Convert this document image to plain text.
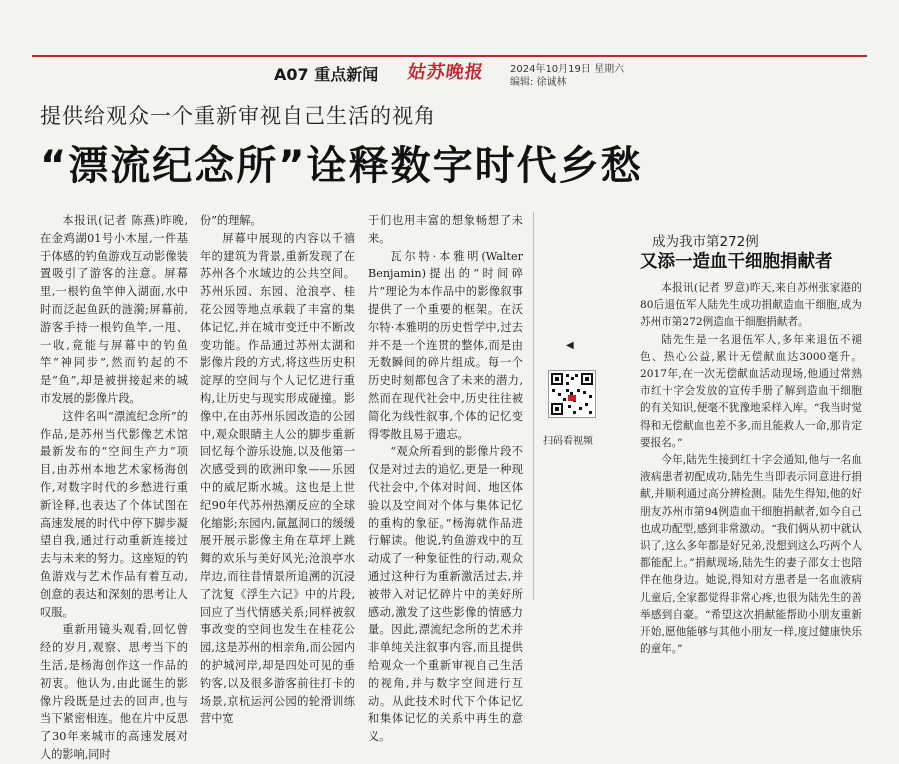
A07 重点新闻 姑苏晚报 2024年10月19日 星期六
编辑: 徐诚林
提供给观众一个重新审视自己生活的视角
“漂流纪念所”诠释数字时代乡愁

本报讯(记者 陈燕)昨晚,在金鸡湖01号小木屋,一件基于体感的钓鱼游戏互动影像装置吸引了游客的注意。屏幕里,一根钓鱼竿伸入湖面,水中时而泛起鱼跃的涟漪;屏幕前,游客手持一根钓鱼竿,一甩、一收,竟能与屏幕中的钓鱼竿“神同步”,然而钓起的不是“鱼”,却是被拼接起来的城市发展的影像片段。

这件名叫“漂流纪念所”的作品,是苏州当代影像艺术馆最新发布的“空间生产力”项目,由苏州本地艺术家杨海创作,对数字时代的乡愁进行重新诠释,也表达了个体试图在高速发展的时代中停下脚步凝望自我,通过行动重新连接过去与未来的努力。这座短的钓鱼游戏与艺术作品有着互动,创意的表达和深刻的思考让人叹服。

重新用镜头观看,回忆曾经的岁月,观察、思考当下的生活,是杨海创作这一作品的初衷。他认为,由此诞生的影像片段既是过去的回声,也与当下紧密相连。他在片中反思了30年来城市的高速发展对人的影响,同时

份”的理解。

屏幕中展现的内容以千禧年的建筑为背景,重新发现了在苏州各个水域边的公共空间。苏州乐园、东园、沧浪亭、桂花公园等地点承载了丰富的集体记忆,并在城市变迁中不断改变功能。作品通过苏州太湖和影像片段的方式,将这些历史积淀厚的空间与个人记忆进行重构,让历史与现实形成碰撞。影像中,在由苏州乐园改造的公园中,观众眼睛主人公的脚步重新回忆每个游乐设施,以及他第一次感受到的欧洲印象——乐园中的威尼斯水城。这也是上世纪90年代苏州热潮反应的全球化缩影;东园内,氤氲洞口的缓缓展开展示影像主角在草坪上跳舞的欢乐与美好风光;沧浪亭水岸边,而往昔情景所追溯的沉浸了沈复《浮生六记》中的片段,回应了当代情感关系;同样被叙事改变的空间也发生在桂花公园,这是苏州的相亲角,而公园内的护城河岸,却是四处可见的垂钓客,以及很多游客前往打卡的场景,京杭运河公园的轮滑训练营中宽

于们也用丰富的想象畅想了未来。

瓦尔特·本雅明(Walter Benjamin)提出的“时间碎片”理论为本作品中的影像叙事提供了一个重要的框架。在沃尔特·本雅明的历史哲学中,过去并不是一个连贯的整体,而是由无数瞬间的碎片组成。每一个历史时刻都包含了未来的潜力,然而在现代社会中,历史往往被简化为线性叙事,个体的记忆变得零散且易于遗忘。

“观众所看到的影像片段不仅是对过去的追忆,更是一种现代社会中,个体对时间、地区体验以及空间对个体与集体记忆的重构的象征。”杨海就作品进行解读。他说,钓鱼游戏中的互动成了一种象征性的行动,观众通过这种行为重新激活过去,并被带入对记忆碎片中的美好所感动,激发了这些影像的情感力量。因此,漂流纪念所的艺术并非单纯关注叙事内容,而且提供给观众一个重新审视自己生活的视角,并与数字空间进行互动。从此技术时代下个体记忆和集体记忆的关系中再生的意义。

◀
扫码看视频
成为我市第272例
又添一造血干细胞捐献者

本报讯(记者 罗意)昨天,来自苏州张家港的80后退伍军人陆先生成功捐献造血干细胞,成为苏州市第272例造血干细胞捐献者。

陆先生是一名退伍军人,多年来退伍不褪色、热心公益,累计无偿献血达3000毫升。2017年,在一次无偿献血活动现场,他通过常熟市红十字会发放的宣传手册了解到造血干细胞的有关知识,便毫不犹豫地采样入库。“我当时觉得和无偿献血也差不多,而且能救人一命,那肯定要报名。”

今年,陆先生接到红十字会通知,他与一名血液病患者初配成功,陆先生当即表示同意进行捐献,并顺利通过高分辨检测。陆先生得知,他的好朋友苏州市第94例造血干细胞捐献者,如今自己也成功配型,感到非常激动。“我们俩从初中就认识了,这么多年都是好兄弟,没想到这么巧两个人都能配上。”捐献现场,陆先生的妻子邵女士也陪伴在他身边。她说,得知对方患者是一名血液病儿童后,全家都觉得非常心疼,也很为陆先生的善举感到自豪。“希望这次捐献能帮助小朋友重新开始,愿他能够与其他小朋友一样,度过健康快乐的童年。”
